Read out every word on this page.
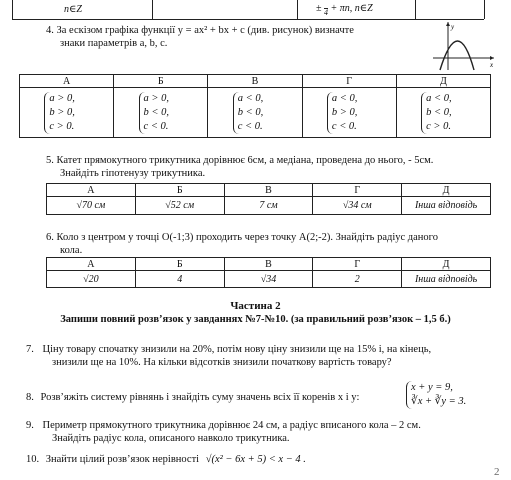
n∈Z	± 4 + πn, n∈Z
4. За ескізом графіка функції y = ax² + bx + c (див. рисунок) визначте
знаки параметрів a, b, c.
y
x
А	Б	В	Г	Д
a > 0,
b > 0,
c > 0.	a > 0,
b < 0,
c < 0.	a < 0,
b < 0,
c < 0.	a < 0,
b > 0,
c < 0.	a < 0,
b < 0,
c > 0.
5. Катет прямокутного трикутника дорівнює 6см, а медіана, проведена до нього, - 5см.
Знайдіть гіпотенузу трикутника.
А	Б	В	Г	Д
√70 см	√52 см	7 см	√34 см	Інша відповідь
6. Коло з центром у точці O(-1;3) проходить через точку A(2;-2). Знайдіть радіус даного
кола.
А	Б	В	Г	Д
√20	4	√34	2	Інша відповідь
Частина 2
Запиши повний розв’язок у завданнях №7-№10. (за правильний розв’язок – 1,5 б.)
7. Ціну товару спочатку знизили на 20%, потім нову ціну знизили ще на 15% і, на кінець,
знизили ще на 10%. На кільки відсотків знизили початкову вартість товару?
8. Розв’яжіть систему рівнянь і знайдіть суму значень всіх її коренів x і y:
x + y = 9,
∛x + ∛y = 3.
9. Периметр прямокутного трикутника дорівнює 24 см, а радіус вписаного кола – 2 см.
Знайдіть радіус кола, описаного навколо трикутника.
10. Знайти цілий розв’язок нерівності √(x² − 6x + 5) < x − 4 .
2
